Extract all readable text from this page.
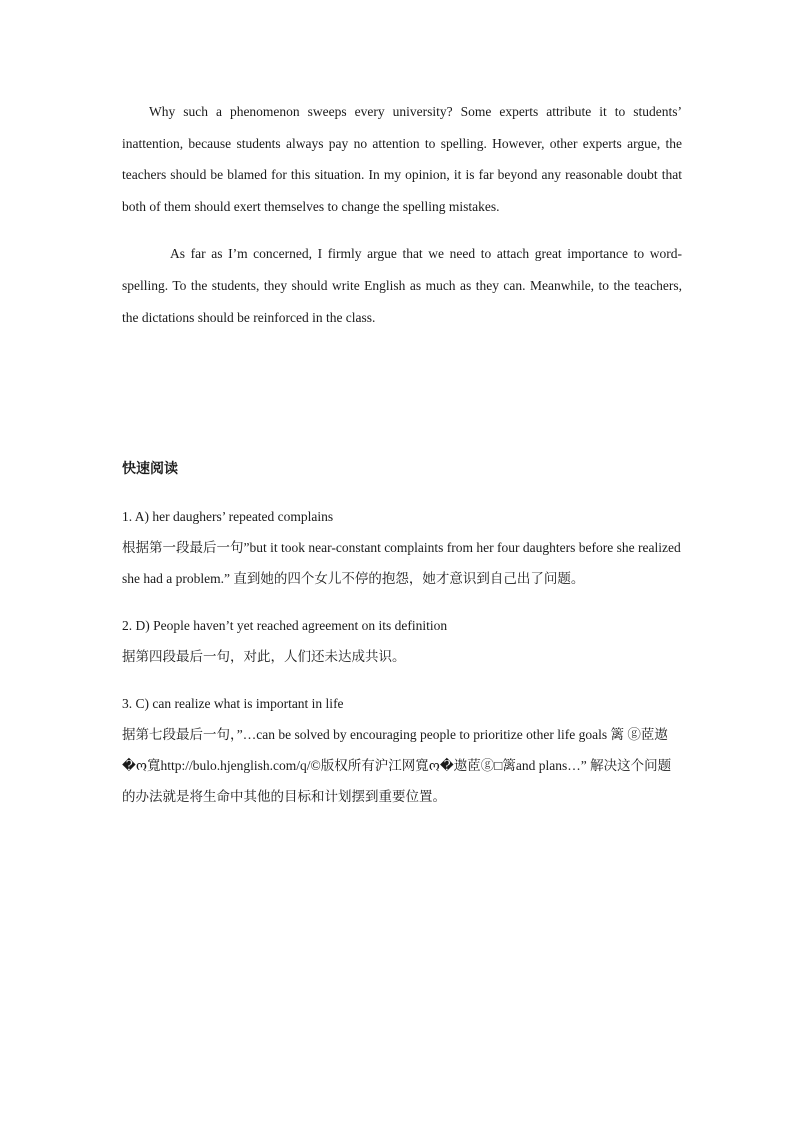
Why such a phenomenon sweeps every university? Some experts attribute it to students’ inattention, because students always pay no attention to spelling. However, other experts argue, the teachers should be blamed for this situation. In my opinion, it is far beyond any reasonable doubt that both of them should exert themselves to change the spelling mistakes.

As far as I’m concerned, I firmly argue that we need to attach great importance to word-spelling. To the students, they should write English as much as they can. Meanwhile, to the teachers, the dictations should be reinforced in the class.

快速阅读

1. A) her daughers’ repeated complains

根据第一段最后一句”but it took near-constant complaints from her four daughters before she realized she had a problem.” 直到她的四个女儿不停的抱怨，她才意识到自己出了问题。

2. D) People haven’t yet reached agreement on its definition

据第四段最后一句，对此，人们还未达成共识。

3. C) can realize what is important in life

据第七段最后一句，”…can be solved by encouraging people to prioritize other life goals 篱 ⓖ茝遨�ო寬http://bulo.hjenglish.com/q/©版权所有沪江网寬ო�遨茝ⓖ□篱and plans…” 解决这个问题的办法就是将生命中其他的目标和计划摆到重要位置。
